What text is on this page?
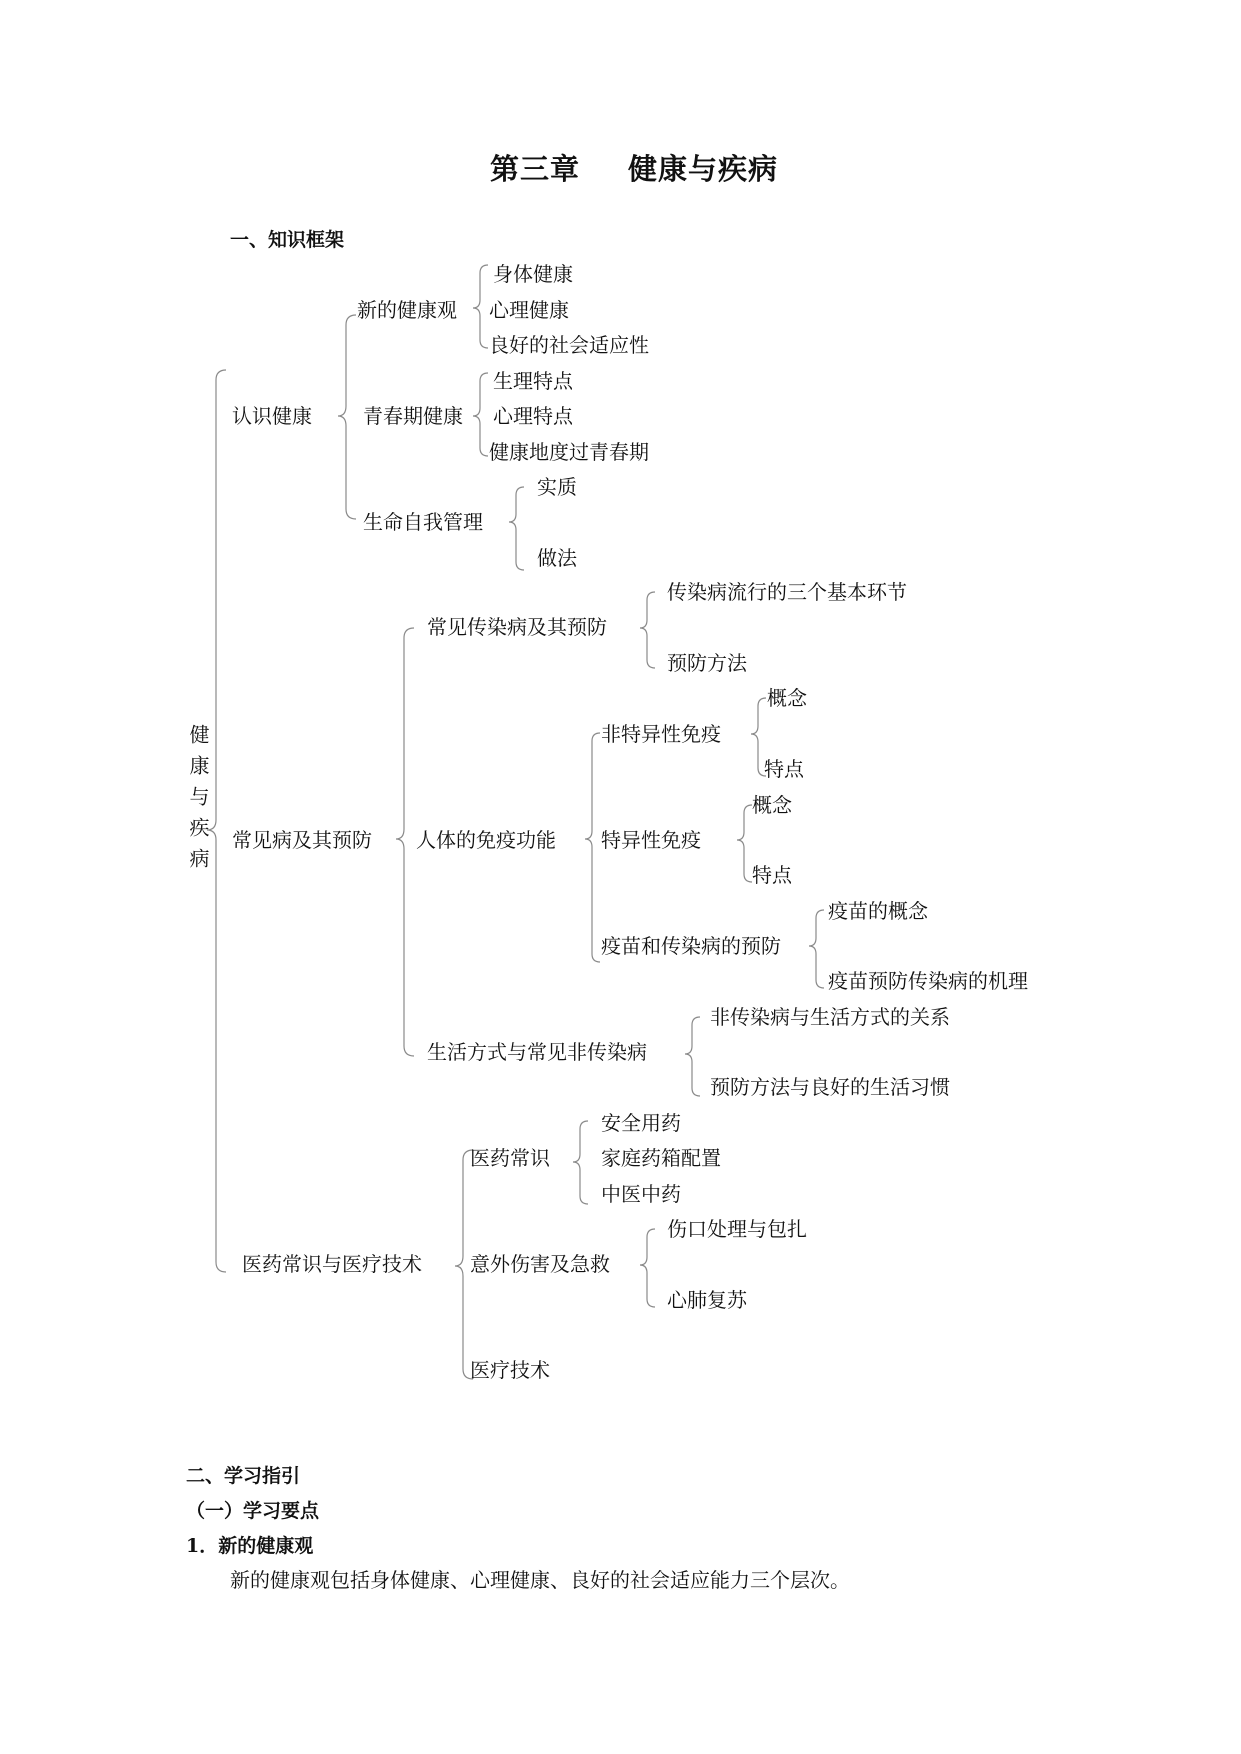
第三章 健康与疾病
一、知识框架
健康与疾病
认识健康
新的健康观
身体健康
心理健康
良好的社会适应性
青春期健康
生理特点
心理特点
健康地度过青春期
生命自我管理
实质
做法
常见病及其预防
常见传染病及其预防
传染病流行的三个基本环节
预防方法
人体的免疫功能
非特异性免疫
概念
特点
特异性免疫
概念
特点
疫苗和传染病的预防
疫苗的概念
疫苗预防传染病的机理
生活方式与常见非传染病
非传染病与生活方式的关系
预防方法与良好的生活习惯
医药常识与医疗技术
医药常识
安全用药
家庭药箱配置
中医中药
意外伤害及急救
伤口处理与包扎
心肺复苏
医疗技术
二、学习指引
（一）学习要点
1．新的健康观
新的健康观包括身体健康、心理健康、良好的社会适应能力三个层次。
